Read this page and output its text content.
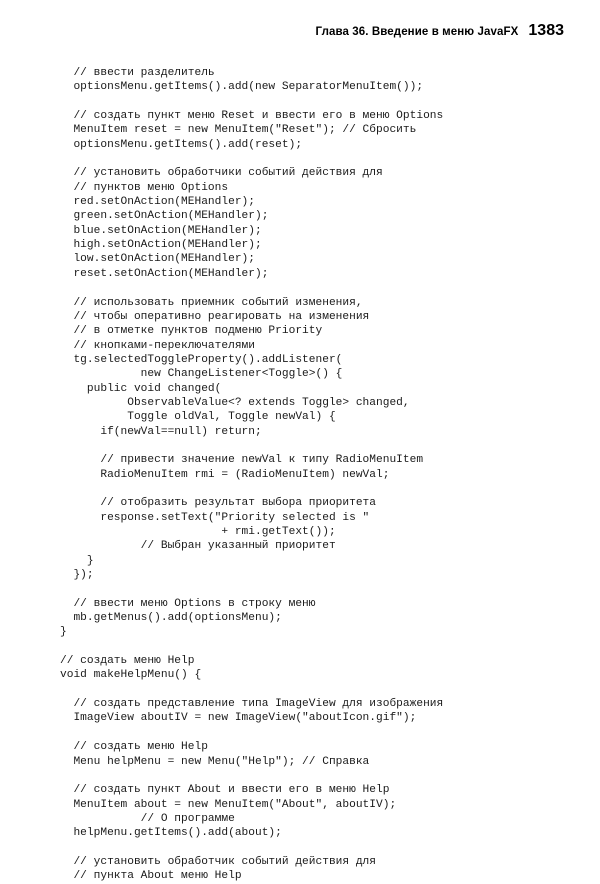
Глава 36. Введение в меню JavaFX 1383
// ввести разделитель
optionsMenu.getItems().add(new SeparatorMenuItem());

// создать пункт меню Reset и ввести его в меню Options
MenuItem reset = new MenuItem("Reset"); // Сбросить
optionsMenu.getItems().add(reset);

// установить обработчики событий действия для
// пунктов меню Options
red.setOnAction(MEHandler);
green.setOnAction(MEHandler);
blue.setOnAction(MEHandler);
high.setOnAction(MEHandler);
low.setOnAction(MEHandler);
reset.setOnAction(MEHandler);

// использовать приемник событий изменения,
// чтобы оперативно реагировать на изменения
// в отметке пунктов подменю Priority
// кнопками-переключателями
tg.selectedToggleProperty().addListener(
new ChangeListener<Toggle>() {
public void changed(
ObservableValue<? extends Toggle> changed,
Toggle oldVal, Toggle newVal) {
if(newVal==null) return;

// привести значение newVal к типу RadioMenuItem
RadioMenuItem rmi = (RadioMenuItem) newVal;

// отобразить результат выбора приоритета
response.setText("Priority selected is "
+ rmi.getText());
// Выбран указанный приоритет
}
});

// ввести меню Options в строку меню
mb.getMenus().add(optionsMenu);
}

// создать меню Help
void makeHelpMenu() {

// создать представление типа ImageView для изображения
ImageView aboutIV = new ImageView("aboutIcon.gif");

// создать меню Help
Menu helpMenu = new Menu("Help"); // Справка

// создать пункт About и ввести его в меню Help
MenuItem about = new MenuItem("About", aboutIV);
// О программе
helpMenu.getItems().add(about);

// установить обработчик событий действия для
// пункта About меню Help
